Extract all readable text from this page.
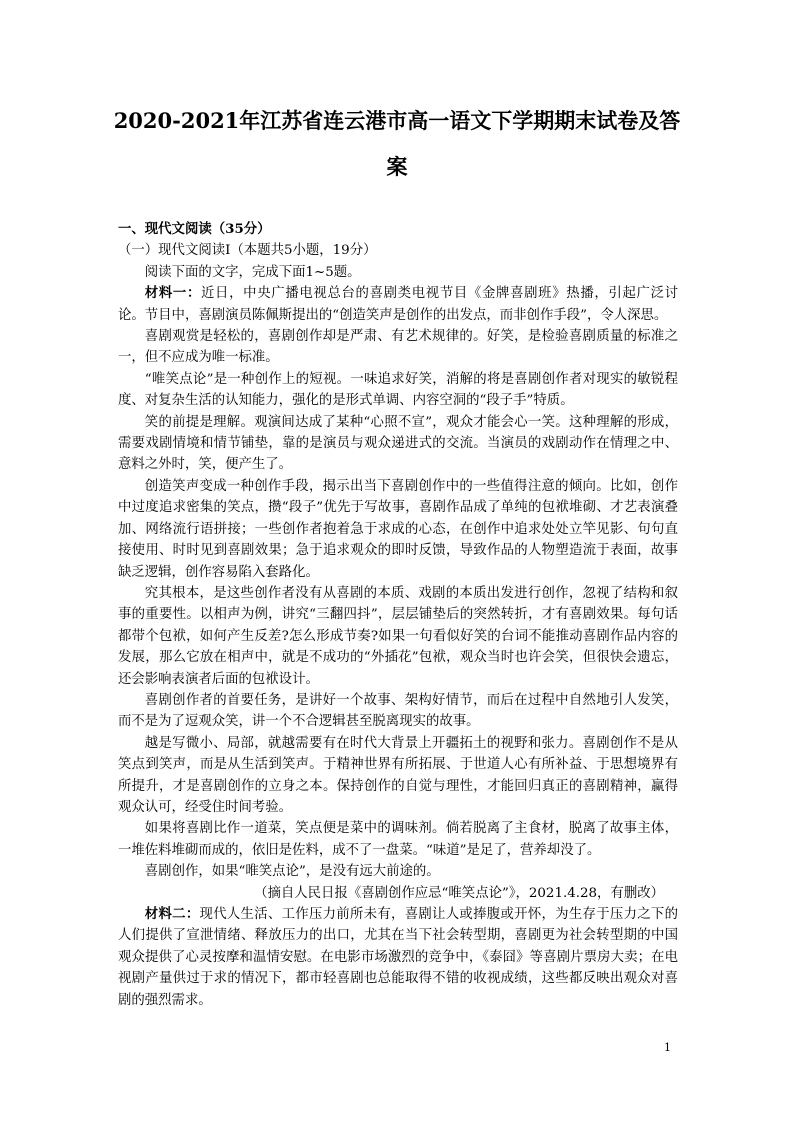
2020-2021年江苏省连云港市高一语文下学期期末试卷及答
案

一、现代文阅读（35分）

（一）现代文阅读Ⅰ（本题共5小题，19分）

阅读下面的文字，完成下面1~5题。

材料一：近日，中央广播电视总台的喜剧类电视节目《金牌喜剧班》热播，引起广泛讨论。节目中，喜剧演员陈佩斯提出的“创造笑声是创作的出发点，而非创作手段”，令人深思。

喜剧观赏是轻松的，喜剧创作却是严肃、有艺术规律的。好笑，是检验喜剧质量的标准之一，但不应成为唯一标准。

“唯笑点论”是一种创作上的短视。一味追求好笑，消解的将是喜剧创作者对现实的敏锐程度、对复杂生活的认知能力，强化的是形式单调、内容空洞的“段子手”特质。

笑的前提是理解。观演间达成了某种“心照不宣”，观众才能会心一笑。这种理解的形成，需要戏剧情境和情节铺垫，靠的是演员与观众递进式的交流。当演员的戏剧动作在情理之中、意料之外时，笑，便产生了。

创造笑声变成一种创作手段，揭示出当下喜剧创作中的一些值得注意的倾向。比如，创作中过度追求密集的笑点，攒“段子”优先于写故事，喜剧作品成了单纯的包袱堆砌、才艺表演叠加、网络流行语拼接；一些创作者抱着急于求成的心态，在创作中追求处处立竿见影、句句直接使用、时时见到喜剧效果；急于追求观众的即时反馈，导致作品的人物塑造流于表面，故事缺乏逻辑，创作容易陷入套路化。

究其根本，是这些创作者没有从喜剧的本质、戏剧的本质出发进行创作，忽视了结构和叙事的重要性。以相声为例，讲究“三翻四抖”，层层铺垫后的突然转折，才有喜剧效果。每句话都带个包袱，如何产生反差?怎么形成节奏?如果一句看似好笑的台词不能推动喜剧作品内容的发展，那么它放在相声中，就是不成功的“外插花”包袱，观众当时也许会笑，但很快会遗忘，还会影响表演者后面的包袱设计。

喜剧创作者的首要任务，是讲好一个故事、架构好情节，而后在过程中自然地引人发笑，而不是为了逗观众笑，讲一个不合逻辑甚至脱离现实的故事。

越是写微小、局部，就越需要有在时代大背景上开疆拓土的视野和张力。喜剧创作不是从笑点到笑声，而是从生活到笑声。于精神世界有所拓展、于世道人心有所补益、于思想境界有所提升，才是喜剧创作的立身之本。保持创作的自觉与理性，才能回归真正的喜剧精神，赢得观众认可，经受住时间考验。

如果将喜剧比作一道菜，笑点便是菜中的调味剂。倘若脱离了主食材，脱离了故事主体，一堆佐料堆砌而成的，依旧是佐料，成不了一盘菜。“味道”是足了，营养却没了。

喜剧创作，如果“唯笑点论”，是没有远大前途的。

（摘自人民日报《喜剧创作应忌“唯笑点论”》，2021.4.28，有删改）

材料二：现代人生活、工作压力前所未有，喜剧让人或捧腹或开怀，为生存于压力之下的人们提供了宣泄情绪、释放压力的出口，尤其在当下社会转型期，喜剧更为社会转型期的中国观众提供了心灵按摩和温情安慰。在电影市场激烈的竞争中，《泰囧》等喜剧片票房大卖；在电视剧产量供过于求的情况下，都市轻喜剧也总能取得不错的收视成绩，这些都反映出观众对喜剧的强烈需求。

1
